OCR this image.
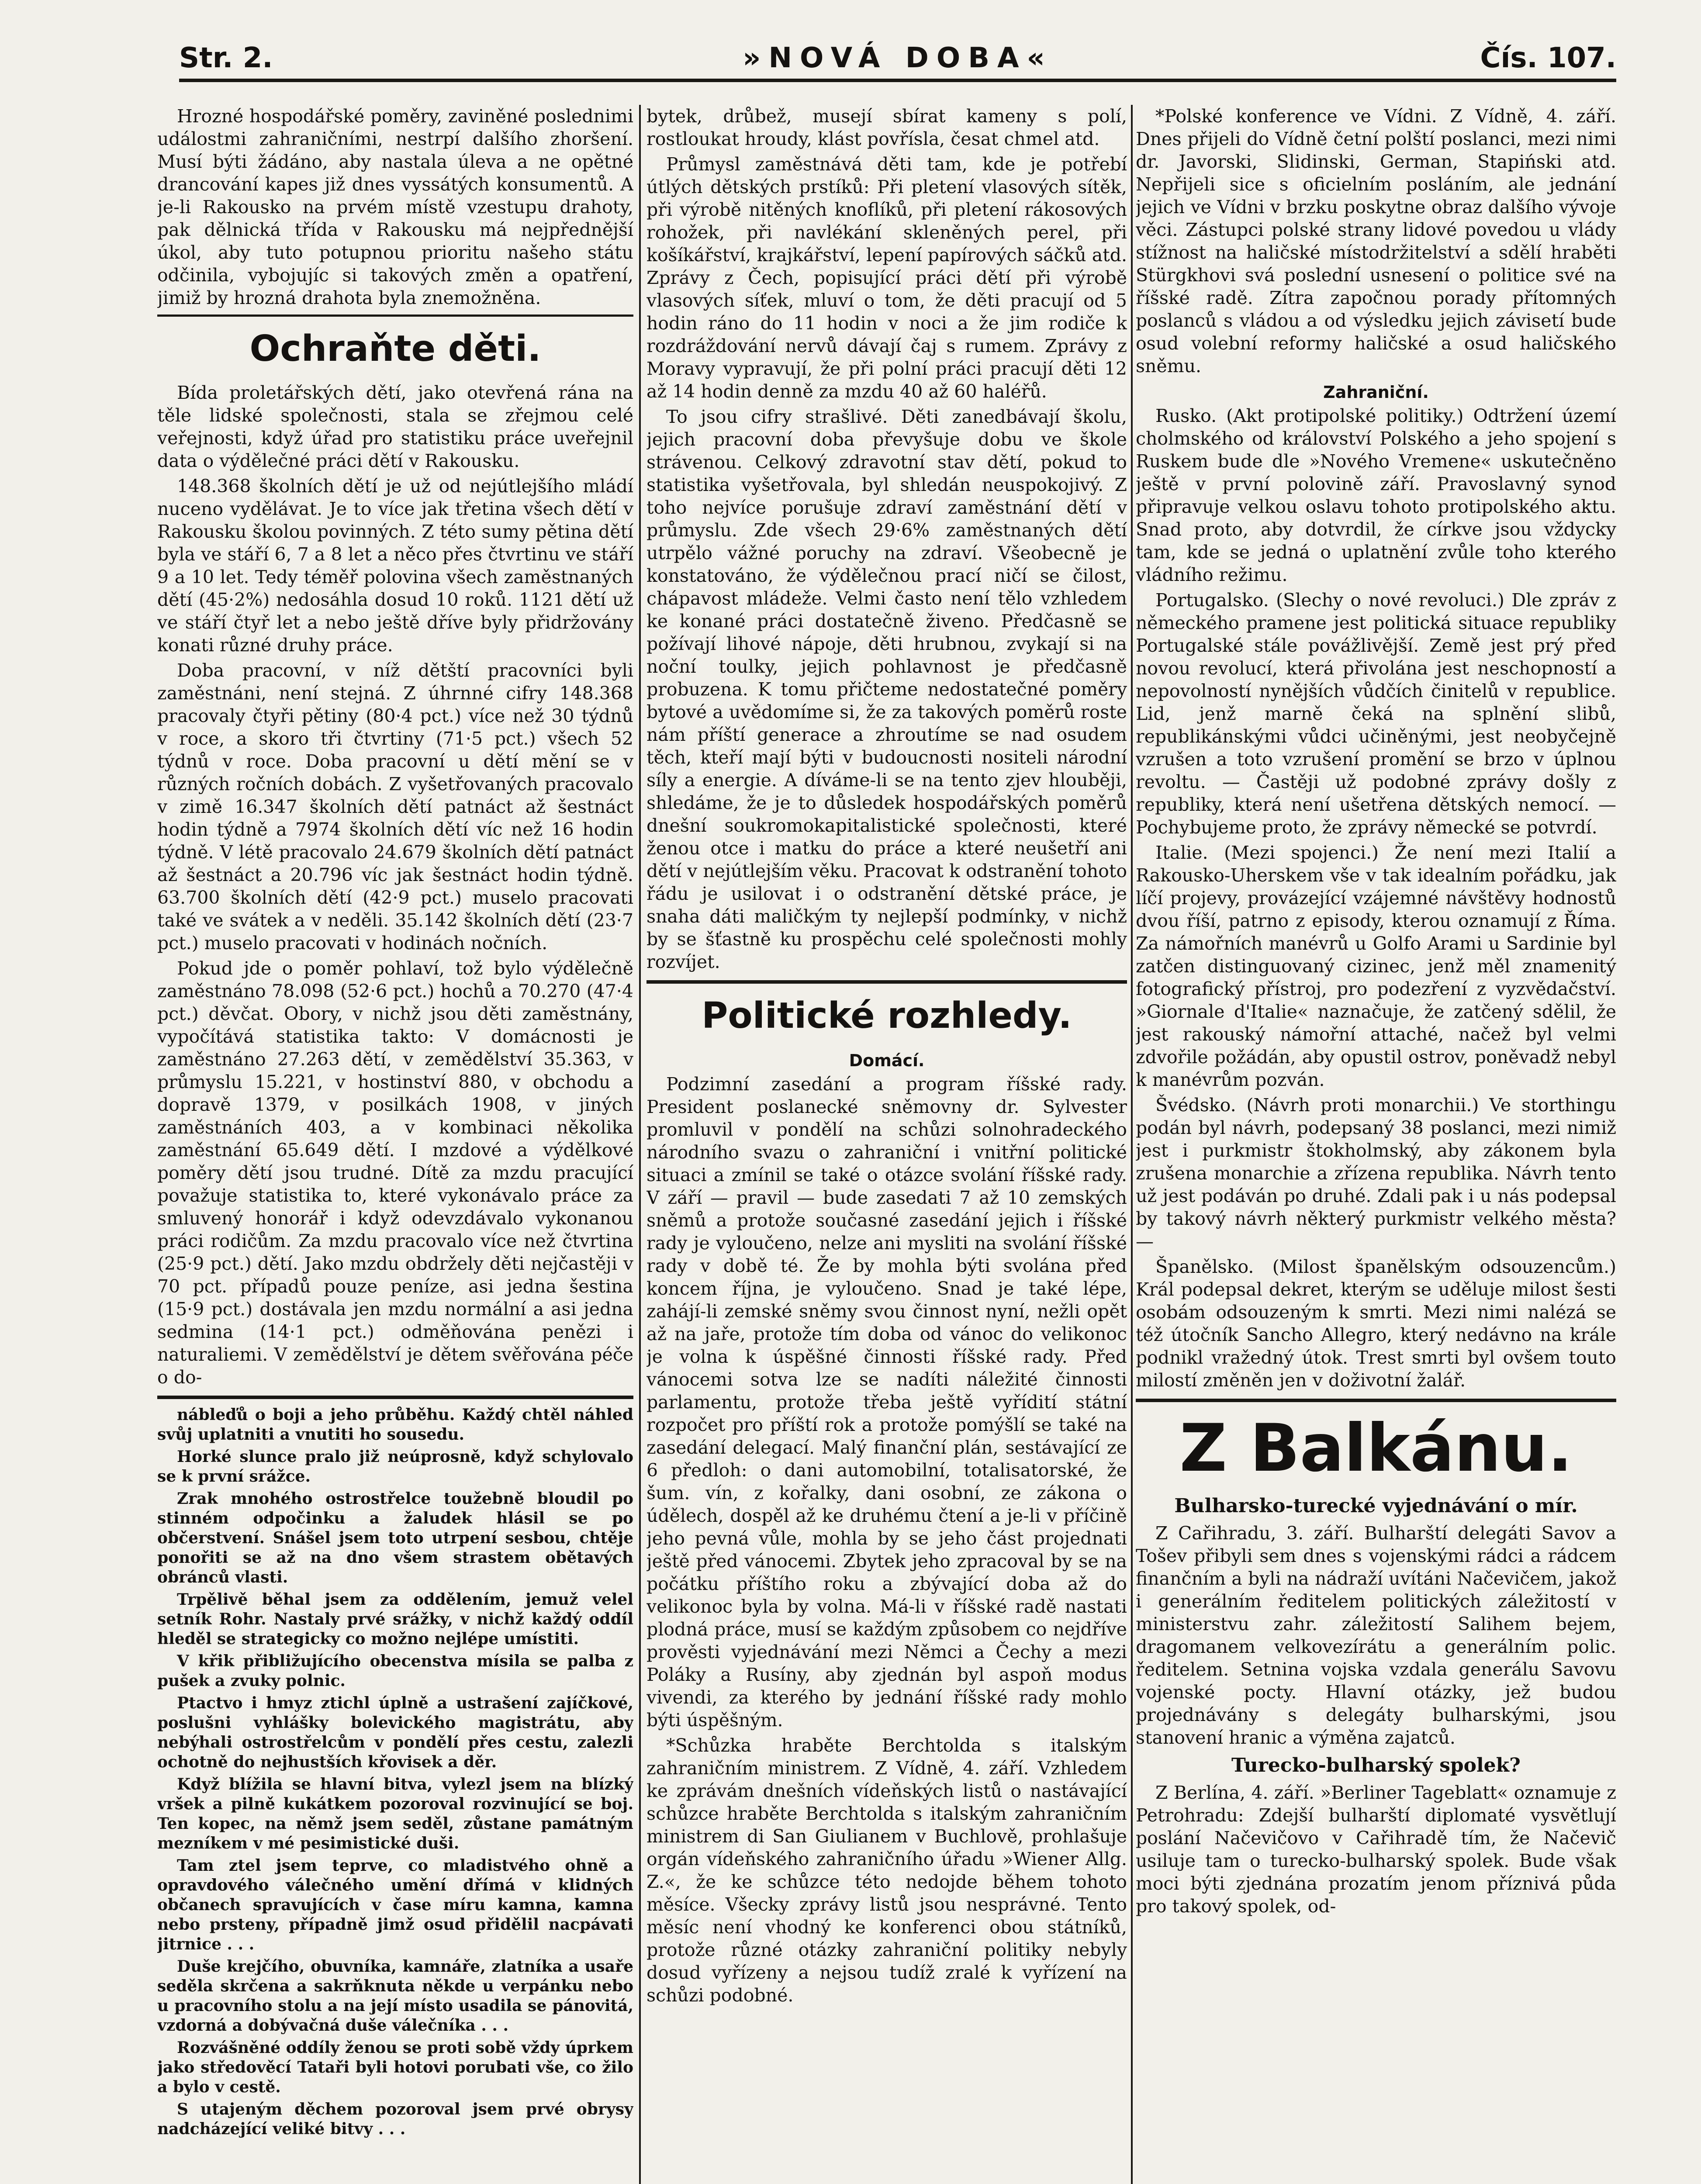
Str. 2.	»NOVÁ DOBA«	Čís. 107.

Hrozné hospodářské poměry, zaviněné poslednimi událostmi zahraničními, nestrpí dalšího zhoršení. Musí býti žádáno, aby nastala úleva a ne opětné drancování kapes již dnes vyssátých konsumentů. A je-li Rakousko na prvém místě vzestupu drahoty, pak dělnická třída v Rakousku má nejpřednější úkol, aby tuto potupnou prioritu našeho státu odčinila, vybojujíc si takových změn a opatření, jimiž by hrozná drahota byla znemožněna.

Ochraňte děti.

Bída proletářských dětí, jako otevřená rána na těle lidské společnosti, stala se zřejmou celé veřejnosti, když úřad pro statistiku práce uveřejnil data o výdělečné práci dětí v Rakousku.

148.368 školních dětí je už od nejútlejšího mládí nuceno vydělávat. Je to více jak třetina všech dětí v Rakousku školou povinných. Z této sumy pětina dětí byla ve stáří 6, 7 a 8 let a něco přes čtvrtinu ve stáří 9 a 10 let. Tedy téměř polovina všech zaměstnaných dětí (45·2%) nedosáhla dosud 10 roků. 1121 dětí už ve stáří čtyř let a nebo ještě dříve byly přidržovány konati různé druhy práce.

Doba pracovní, v níž dětští pracovníci byli zaměstnáni, není stejná. Z úhrnné cifry 148.368 pracovaly čtyři pětiny (80·4 pct.) více než 30 týdnů v roce, a skoro tři čtvrtiny (71·5 pct.) všech 52 týdnů v roce. Doba pracovní u dětí mění se v různých ročních dobách. Z vyšetřovaných pracovalo v zimě 16.347 školních dětí patnáct až šestnáct hodin týdně a 7974 školních dětí víc než 16 hodin týdně. V létě pracovalo 24.679 školních dětí patnáct až šestnáct a 20.796 víc jak šestnáct hodin týdně. 63.700 školních dětí (42·9 pct.) muselo pracovati také ve svátek a v neděli. 35.142 školních dětí (23·7 pct.) muselo pracovati v hodinách nočních.

Pokud jde o poměr pohlaví, tož bylo výdělečně zaměstnáno 78.098 (52·6 pct.) hochů a 70.270 (47·4 pct.) děvčat. Obory, v nichž jsou děti zaměstnány, vypočítává statistika takto: V domácnosti je zaměstnáno 27.263 dětí, v zemědělství 35.363, v průmyslu 15.221, v hostinství 880, v obchodu a dopravě 1379, v posilkách 1908, v jiných zaměstnáních 403, a v kombinaci několika zaměstnání 65.649 dětí. I mzdové a výdělkové poměry dětí jsou trudné. Dítě za mzdu pracující považuje statistika to, které vykonávalo práce za smluvený honorář i když odevzdávalo vykonanou práci rodičům. Za mzdu pracovalo více než čtvrtina (25·9 pct.) dětí. Jako mzdu obdržely děti nejčastěji v 70 pct. případů pouze peníze, asi jedna šestina (15·9 pct.) dostávala jen mzdu normální a asi jedna sedmina (14·1 pct.) odměňována penězi i naturaliemi. V zemědělství je dětem svěřována péče o do-

nábleďů o boji a jeho průběhu. Každý chtěl náhled svůj uplatniti a vnutiti ho sousedu.

Horké slunce pralo již neúprosně, když schylovalo se k první srážce.

Zrak mnohého ostrostřelce toužebně bloudil po stinném odpočinku a žaludek hlásil se po občerstvení. Snášel jsem toto utrpení sesbou, chtěje ponořiti se až na dno všem strastem obětavých obránců vlasti.

Trpělivě běhal jsem za oddělením, jemuž velel setník Rohr. Nastaly prvé srážky, v nichž každý oddíl hleděl se strategicky co možno nejlépe umístiti.

V křik přibližujícího obecenstva mísila se palba z pušek a zvuky polnic.

Ptactvo i hmyz ztichl úplně a ustrašení zajíčkové, poslušni vyhlášky bolevického magistrátu, aby nebýhali ostrostřelcům v pondělí přes cestu, zalezli ochotně do nejhustších křovisek a děr.

Když blížila se hlavní bitva, vylezl jsem na blízký vršek a pilně kukátkem pozoroval rozvinující se boj. Ten kopec, na němž jsem seděl, zůstane památným mezníkem v mé pesimistické duši.

Tam ztel jsem teprve, co mladistvého ohně a opravdového válečného umění dřímá v klidných občanech spravujících v čase míru kamna, kamna nebo prsteny, případně jimž osud přidělil nacpávati jitrnice . . .

Duše krejčího, obuvníka, kamnáře, zlatníka a usaře seděla skrčena a sakrňknuta někde u verpánku nebo u pracovního stolu a na její místo usadila se pánovitá, vzdorná a dobývačná duše válečníka . . .

Rozvášněné oddíly ženou se proti sobě vždy úprkem jako středověcí Tataři byli hotovi porubati vše, co žilo a bylo v cestě.

S utajeným děchem pozoroval jsem prvé obrysy nadcházející veliké bitvy . . .

bytek, drůbež, musejí sbírat kameny s polí, rostloukat hroudy, klást povřísla, česat chmel atd.

Průmysl zaměstnává děti tam, kde je potřebí útlých dětských prstíků: Při pletení vlasových sítěk, při výrobě nitěných knoflíků, při pletení rákosových rohožek, při navlékání skleněných perel, při košíkářství, krajkářství, lepení papírových sáčků atd. Zprávy z Čech, popisující práci dětí při výrobě vlasových síťek, mluví o tom, že děti pracují od 5 hodin ráno do 11 hodin v noci a že jim rodiče k rozdráždování nervů dávají čaj s rumem. Zprávy z Moravy vypravují, že při polní práci pracují děti 12 až 14 hodin denně za mzdu 40 až 60 haléřů.

To jsou cifry strašlivé. Děti zanedbávají školu, jejich pracovní doba převyšuje dobu ve škole strávenou. Celkový zdravotní stav dětí, pokud to statistika vyšetřovala, byl shledán neuspokojivý. Z toho nejvíce porušuje zdraví zaměstnání dětí v průmyslu. Zde všech 29·6% zaměstnaných dětí utrpělo vážné poruchy na zdraví. Všeobecně je konstatováno, že výdělečnou prací ničí se čilost, chápavost mládeže. Velmi často není tělo vzhledem ke konané práci dostatečně živeno. Předčasně se požívají lihové nápoje, děti hrubnou, zvykají si na noční toulky, jejich pohlavnost je předčasně probuzena. K tomu přičteme nedostatečné poměry bytové a uvědomíme si, že za takových poměrů roste nám příští generace a zhroutíme se nad osudem těch, kteří mají býti v budoucnosti nositeli národní síly a energie. A díváme-li se na tento zjev hlouběji, shledáme, že je to důsledek hospodářských poměrů dnešní soukromokapitalistické společnosti, které ženou otce i matku do práce a které neušetří ani dětí v nejútlejším věku. Pracovat k odstranění tohoto řádu je usilovat i o odstranění dětské práce, je snaha dáti maličkým ty nejlepší podmínky, v nichž by se šťastně ku prospěchu celé společnosti mohly rozvíjet.

Politické rozhledy.
Domácí.

Podzimní zasedání a program říšské rady. President poslanecké sněmovny dr. Sylvester promluvil v pondělí na schůzi solnohradeckého národního svazu o zahraniční i vnitřní politické situaci a zmínil se také o otázce svolání říšské rady. V září — pravil — bude zasedati 7 až 10 zemských sněmů a protože současné zasedání jejich i říšské rady je vyloučeno, nelze ani mysliti na svolání říšské rady v době té. Že by mohla býti svolána před koncem října, je vyloučeno. Snad je také lépe, zahájí-li zemské sněmy svou činnost nyní, nežli opět až na jaře, protože tím doba od vánoc do velikonoc je volna k úspěšné činnosti říšské rady. Před vánocemi sotva lze se nadíti náležité činnosti parlamentu, protože třeba ještě vyřídití státní rozpočet pro příští rok a protože pomýšlí se také na zasedání delegací. Malý finanční plán, sestávající ze 6 předloh: o dani automobilní, totalisatorské, že šum. vín, z kořalky, dani osobní, ze zákona o údělech, dospěl až ke druhému čtení a je-li v příčině jeho pevná vůle, mohla by se jeho část projednati ještě před vánocemi. Zbytek jeho zpracoval by se na počátku příštího roku a zbývající doba až do velikonoc byla by volna. Má-li v říšské radě nastati plodná práce, musí se každým způsobem co nejdříve prověsti vyjednávání mezi Němci a Čechy a mezi Poláky a Rusíny, aby zjednán byl aspoň modus vivendi, za kterého by jednání říšské rady mohlo býti úspěšným.

*Schůzka hraběte Berchtolda s italským zahraničním ministrem. Z Vídně, 4. září. Vzhledem ke zprávám dnešních vídeňských listů o nastávající schůzce hraběte Berchtolda s italským zahraničním ministrem di San Giulianem v Buchlově, prohlašuje orgán vídeňského zahraničního úřadu »Wiener Allg. Z.«, že ke schůzce této nedojde během tohoto měsíce. Všecky zprávy listů jsou nesprávné. Tento měsíc není vhodný ke konferenci obou státníků, protože různé otázky zahraniční politiky nebyly dosud vyřízeny a nejsou tudíž zralé k vyřízení na schůzi podobné.

*Polské konference ve Vídni. Z Vídně, 4. září. Dnes přijeli do Vídně četní polští poslanci, mezi nimi dr. Javorski, Slidinski, German, Stapiński atd. Nepřijeli sice s oficielním posláním, ale jednání jejich ve Vídni v brzku poskytne obraz dalšího vývoje věci. Zástupci polské strany lidové povedou u vlády stížnost na haličské místodržitelství a sdělí hraběti Stürgkhovi svá poslední usnesení o politice své na říšské radě. Zítra započnou porady přítomných poslanců s vládou a od výsledku jejich závisetí bude osud volební reformy haličské a osud haličského sněmu.

Zahraniční.

Rusko. (Akt protipolské politiky.) Odtržení území cholmského od království Polského a jeho spojení s Ruskem bude dle »Nového Vremene« uskutečněno ještě v první polovině září. Pravoslavný synod připravuje velkou oslavu tohoto protipolského aktu. Snad proto, aby dotvrdil, že církve jsou vždycky tam, kde se jedná o uplatnění zvůle toho kterého vládního režimu.

Portugalsko. (Slechy o nové revoluci.) Dle zpráv z německého pramene jest politická situace republiky Portugalské stále povážlivější. Země jest prý před novou revolucí, která přivolána jest neschopností a nepovolností nynějších vůdčích činitelů v republice. Lid, jenž marně čeká na splnění slibů, republikánskými vůdci učiněnými, jest neobyčejně vzrušen a toto vzrušení promění se brzo v úplnou revoltu. — Častěji už podobné zprávy došly z republiky, která není ušetřena dětských nemocí. — Pochybujeme proto, že zprávy německé se potvrdí.

Italie. (Mezi spojenci.) Že není mezi Italií a Rakousko-Uherskem vše v tak idealním pořádku, jak líčí projevy, provázející vzájemné návštěvy hodnostů dvou říší, patrno z episody, kterou oznamují z Říma. Za námořních manévrů u Golfo Arami u Sardinie byl zatčen distinguovaný cizinec, jenž měl znamenitý fotografický přístroj, pro podezření z vyzvědačství. »Giornale d'Italie« naznačuje, že zatčený sdělil, že jest rakouský námořní attaché, načež byl velmi zdvořile požádán, aby opustil ostrov, poněvadž nebyl k manévrům pozván.

Švédsko. (Návrh proti monarchii.) Ve storthingu podán byl návrh, podepsaný 38 poslanci, mezi nimiž jest i purkmistr štokholmský, aby zákonem byla zrušena monarchie a zřízena republika. Návrh tento už jest podáván po druhé. Zdali pak i u nás podepsal by takový návrh některý purkmistr velkého města? —

Španělsko. (Milost španělským odsouzencům.) Král podepsal dekret, kterým se uděluje milost šesti osobám odsouzeným k smrti. Mezi nimi nalézá se též útočník Sancho Allegro, který nedávno na krále podnikl vražedný útok. Trest smrti byl ovšem touto milostí změněn jen v doživotní žalář.

Z Balkánu.
Bulharsko-turecké vyjednávání o mír.

Z Cařihradu, 3. září. Bulharští delegáti Savov a Tošev přibyli sem dnes s vojenskými rádci a rádcem finančním a byli na nádraží uvítáni Načevičem, jakož i generálním ředitelem politických záležitostí v ministerstvu zahr. záležitostí Salihem bejem, dragomanem velkovezírátu a generálním polic. ředitelem. Setnina vojska vzdala generálu Savovu vojenské pocty. Hlavní otázky, jež budou projednávány s delegáty bulharskými, jsou stanovení hranic a výměna zajatců.

Turecko-bulharský spolek?

Z Berlína, 4. září. »Berliner Tageblatt« oznamuje z Petrohradu: Zdejší bulharští diplomaté vysvětlují poslání Načevičovo v Cařihradě tím, že Načevič usiluje tam o turecko-bulharský spolek. Bude však moci býti zjednána prozatím jenom příznivá půda pro takový spolek, od-
